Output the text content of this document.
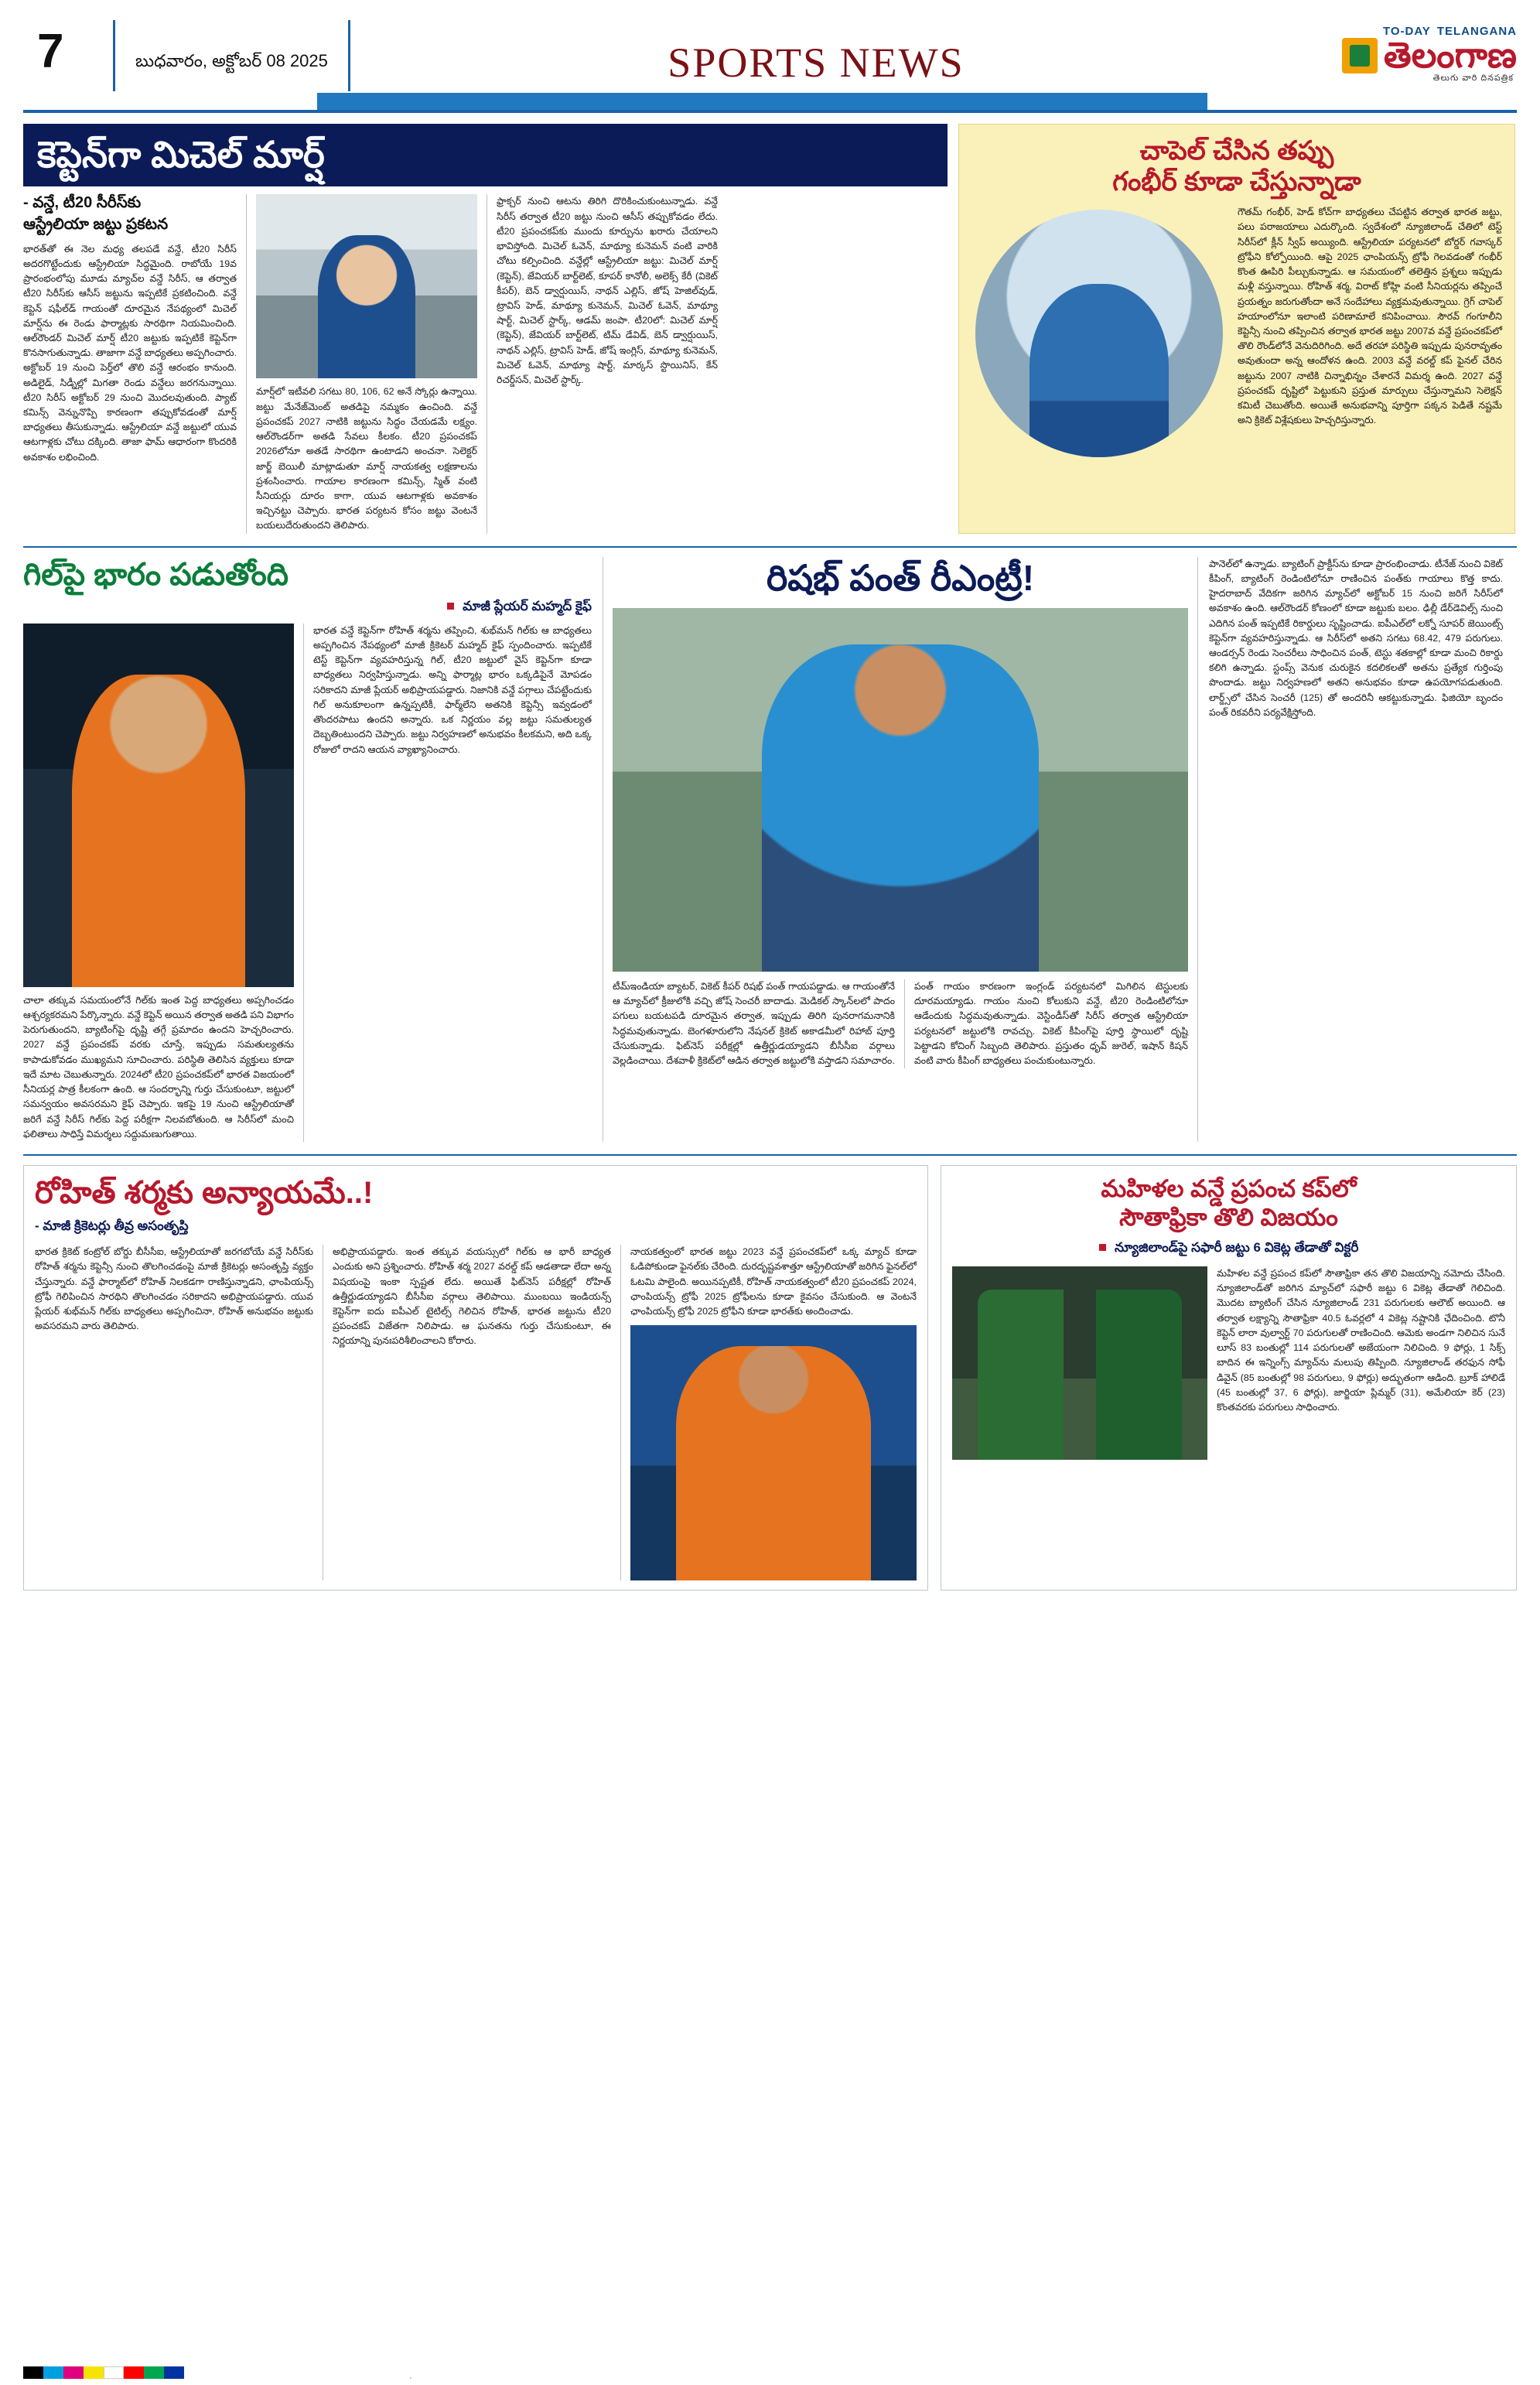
7	బుధవారం, అక్టోబర్ 08 2025	SPORTS NEWS
TO-DAY TELANGANA
తెలంగాణ
తెలుగు వారి దినపత్రిక
కెప్టెన్‌గా మిచెల్ మార్ష్
- వన్డే, టీ20 సీరీస్‌కు
ఆస్ట్రేలియా జట్టు ప్రకటన
భారత్‌తో ఈ నెల మధ్య తలపడే వన్డే, టీ20 సిరీస్‌ అదరగొట్టేందుకు ఆస్ట్రేలియా సిద్ధమైంది. రాబోయే 19వ ప్రారంభంలోపు మూడు మ్యాచ్‌ల వన్డే సిరీస్‌, ఆ తర్వాత టీ20 సిరీస్‌కు ఆసీస్‌ జట్టును ఇప్పటికే ప్రకటించింది. వన్డే కెప్టెన్‌ షఫీల్‌డ్‌ గాయంతో దూరమైన నేపథ్యంలో మిచెల్‌ మార్ష్‌ను ఈ రెండు ఫార్మాట్లకు సారథిగా నియమించింది. ఆల్‌రౌండర్‌ మిచెల్‌ మార్ష్‌ టీ20 జట్టుకు ఇప్పటికే కెప్టెన్‌గా కొనసాగుతున్నాడు. తాజాగా వన్డే బాధ్యతలు అప్పగించారు. అక్టోబర్‌ 19 నుంచి పెర్త్‌లో తొలి వన్డే ఆరంభం కానుంది. అడిలైడ్‌, సిడ్నీల్లో మిగతా రెండు వన్డేలు జరగనున్నాయి. టీ20 సిరీస్‌ అక్టోబర్‌ 29 నుంచి మొదలవుతుంది. ప్యాట్‌ కమిన్స్‌ వెన్నునొప్పి కారణంగా తప్పుకోవడంతో మార్ష్‌ బాధ్యతలు తీసుకున్నాడు. ఆస్ట్రేలియా వన్డే జట్టులో యువ ఆటగాళ్లకు చోటు దక్కింది. తాజా ఫామ్‌ ఆధారంగా కొందరికి అవకాశం లభించింది.
మార్ష్‌లో ఇటీవలి సగటు 80, 106, 62 అనే స్కోర్లు ఉన్నాయి. జట్టు మేనేజ్‌మెంట్‌ అతడిపై నమ్మకం ఉంచింది. వన్డే ప్రపంచకప్‌ 2027 నాటికి జట్టును సిద్ధం చేయడమే లక్ష్యం. ఆల్‌రౌండర్‌గా అతడి సేవలు కీలకం. టీ20 ప్రపంచకప్‌ 2026లోనూ అతడే సారథిగా ఉంటాడని అంచనా. సెలెక్టర్‌ జార్జ్‌ బెయిలీ మాట్లాడుతూ మార్ష్‌ నాయకత్వ లక్షణాలను ప్రశంసించారు. గాయాల కారణంగా కమిన్స్‌, స్మిత్‌ వంటి సీనియర్లు దూరం కాగా, యువ ఆటగాళ్లకు అవకాశం ఇచ్చినట్టు చెప్పారు. భారత పర్యటన కోసం జట్టు వెంటనే బయలుదేరుతుందని తెలిపారు.
ఫ్రాక్చర్‌ నుంచి ఆటను తిరిగి దొరికించుకుంటున్నాడు. వన్డే సిరీస్‌ తర్వాత టీ20 జట్టు నుంచి ఆసీస్‌ తప్పుకోవడం లేదు. టీ20 ప్రపంచకప్‌కు ముందు కూర్పును ఖరారు చేయాలని భావిస్తోంది. మిచెల్‌ ఓవెన్‌, మాథ్యూ కునెమన్‌ వంటి వారికి చోటు కల్పించింది. వన్డేల్లో ఆస్ట్రేలియా జట్టు: మిచెల్‌ మార్ష్‌ (కెప్టెన్‌), జేవియర్‌ బార్ట్‌లెట్‌, కూపర్‌ కానోలీ, అలెక్స్‌ కేరీ (వికెట్‌ కీపర్‌), బెన్‌ డ్వార్షుయిస్‌, నాథన్‌ ఎల్లిస్‌, జోష్‌ హెజిల్‌వుడ్‌, ట్రావిస్‌ హెడ్‌, మాథ్యూ కునెమన్‌, మిచెల్‌ ఓవెన్‌, మాథ్యూ షార్ట్‌, మిచెల్‌ స్టార్క్‌, ఆడమ్‌ జంపా. టీ20లో: మిచెల్‌ మార్ష్‌ (కెప్టెన్‌), జేవియర్‌ బార్ట్‌లెట్‌, టిమ్‌ డేవిడ్‌, బెన్‌ డ్వార్షుయిస్‌, నాథన్‌ ఎల్లిస్‌, ట్రావిస్‌ హెడ్‌, జోష్‌ ఇంగ్లిస్‌, మాథ్యూ కునెమన్‌, మిచెల్‌ ఓవెన్‌, మాథ్యూ షార్ట్‌, మార్కస్‌ స్టొయినిస్‌, కేన్‌ రిచర్డ్‌సన్‌, మిచెల్‌ స్టార్క్‌.
చాపెల్ చేసిన తప్పు
గంభీర్ కూడా చేస్తున్నాడా
గౌతమ్‌ గంభీర్‌, హెడ్‌ కోచ్‌గా బాధ్యతలు చేపట్టిన తర్వాత భారత జట్టు, పలు పరాజయాలు ఎదుర్కొంది. స్వదేశంలో న్యూజిలాండ్‌ చేతిలో టెస్ట్‌ సిరీస్‌లో క్లీన్‌ స్వీప్‌ అయ్యింది. ఆస్ట్రేలియా పర్యటనలో బోర్డర్‌ గవాస్కర్‌ ట్రోఫీని కోల్పోయింది. ఆపై 2025 ఛాంపియన్స్‌ ట్రోఫీ గెలవడంతో గంభీర్‌ కొంత ఊపిరి పీల్చుకున్నాడు. ఆ సమయంలో తలెత్తిన ప్రశ్నలు ఇప్పుడు మళ్లీ వస్తున్నాయి. రోహిత్‌ శర్మ, విరాట్‌ కోహ్లి వంటి సీనియర్లను తప్పించే ప్రయత్నం జరుగుతోందా అనే సందేహాలు వ్యక్తమవుతున్నాయి. గ్రెగ్‌ చాపెల్‌ హయాంలోనూ ఇలాంటి పరిణామాలే కనిపించాయి. సౌరవ్‌ గంగూలీని కెప్టెన్సీ నుంచి తప్పించిన తర్వాత భారత జట్టు 2007వ వన్డే ప్రపంచకప్‌లో తొలి రౌండ్‌లోనే వెనుదిరిగింది. అదే తరహా పరిస్థితి ఇప్పుడు పునరావృతం అవుతుందా అన్న ఆందోళన ఉంది. 2003 వన్డే వరల్డ్‌ కప్‌ ఫైనల్‌ చేరిన జట్టును 2007 నాటికి చిన్నాభిన్నం చేశారనే విమర్శ ఉంది. 2027 వన్డే ప్రపంచకప్‌ దృష్టిలో పెట్టుకుని ప్రస్తుత మార్పులు చేస్తున్నామని సెలెక్షన్‌ కమిటీ చెబుతోంది. అయితే అనుభవాన్ని పూర్తిగా పక్కన పెడితే నష్టమే అని క్రికెట్‌ విశ్లేషకులు హెచ్చరిస్తున్నారు.
గిల్‌పై భారం పడుతోంది
మాజీ ప్లేయర్ మహ్మద్ కైఫ్
చాలా తక్కువ సమయంలోనే గిల్‌కు ఇంత పెద్ద బాధ్యతలు అప్పగించడం ఆశ్చర్యకరమని పేర్కొన్నారు. వన్డే కెప్టెన్‌ అయిన తర్వాత అతడి పని విభాగం పెరుగుతుందని, బ్యాటింగ్‌పై దృష్టి తగ్గే ప్రమాదం ఉందని హెచ్చరించారు. 2027 వన్డే ప్రపంచకప్‌ వరకు చూస్తే, ఇప్పుడు సమతుల్యతను కాపాడుకోవడం ముఖ్యమని సూచించారు. పరిస్థితి తెలిసిన వ్యక్తులు కూడా ఇదే మాట చెబుతున్నారు. 2024లో టీ20 ప్రపంచకప్‌లో భారత విజయంలో సీనియర్ల పాత్ర కీలకంగా ఉంది. ఆ సందర్భాన్ని గుర్తు చేసుకుంటూ, జట్టులో సమన్వయం అవసరమని కైఫ్‌ చెప్పారు. ఇకపై 19 నుంచి ఆస్ట్రేలియాతో జరిగే వన్డే సిరీస్‌ గిల్‌కు పెద్ద పరీక్షగా నిలవబోతుంది. ఆ సిరీస్‌లో మంచి ఫలితాలు సాధిస్తే విమర్శలు సద్దుమణుగుతాయి.
భారత వన్డే కెప్టెన్‌గా రోహిత్‌ శర్మను తప్పించి, శుభ్‌మన్‌ గిల్‌కు ఆ బాధ్యతలు అప్పగించిన నేపథ్యంలో మాజీ క్రికెటర్‌ మహ్మద్‌ కైఫ్‌ స్పందించారు. ఇప్పటికే టెస్ట్‌ కెప్టెన్‌గా వ్యవహరిస్తున్న గిల్‌, టీ20 జట్టులో వైస్‌ కెప్టెన్‌గా కూడా బాధ్యతలు నిర్వహిస్తున్నాడు. అన్ని ఫార్మాట్ల భారం ఒక్కడిపైనే మోపడం సరికాదని మాజీ ప్లేయర్‌ అభిప్రాయపడ్డారు. నిజానికి వన్డే పగ్గాలు చేపట్టేందుకు గిల్‌ అనుకూలంగా ఉన్నప్పటికీ, ఫార్మ్‌లేని అతనికి కెప్టెన్సీ ఇవ్వడంలో తొందరపాటు ఉందని అన్నారు. ఒక నిర్ణయం వల్ల జట్టు సమతుల్యత దెబ్బతింటుందని చెప్పారు. జట్టు నిర్వహణలో అనుభవం కీలకమని, అది ఒక్క రోజులో రాదని ఆయన వ్యాఖ్యానించారు.
రిషభ్ పంత్ రీఎంట్రీ!
టీమ్‌ఇండియా బ్యాటర్‌, వికెట్‌ కీపర్‌ రిషభ్‌ పంత్‌ గాయపడ్డాడు. ఆ గాయంతోనే ఆ మ్యాచ్‌లో క్రీజులోకి వచ్చి జోష్‌ సెంచరీ బాదాడు. మెడికల్‌ స్కాన్‌లలో పాదం పగులు బయటపడి దూరమైన తర్వాత, ఇప్పుడు తిరిగి పునరాగమనానికి సిద్ధమవుతున్నాడు. బెంగళూరులోని నేషనల్‌ క్రికెట్‌ అకాడమీలో రిహాబ్‌ పూర్తి చేసుకున్నాడు. ఫిట్‌నెస్‌ పరీక్షల్లో ఉత్తీర్ణుడయ్యాడని బీసీసీఐ వర్గాలు వెల్లడించాయి. దేశవాళీ క్రికెట్‌లో ఆడిన తర్వాత జట్టులోకి వస్తాడని సమాచారం.
పంత్‌ గాయం కారణంగా ఇంగ్లండ్‌ పర్యటనలో మిగిలిన టెస్టులకు దూరమయ్యాడు. గాయం నుంచి కోలుకుని వన్డే, టీ20 రెండింటిలోనూ ఆడేందుకు సిద్ధమవుతున్నాడు. వెస్టిండీస్‌తో సిరీస్‌ తర్వాత ఆస్ట్రేలియా పర్యటనలో జట్టులోకి రావచ్చు. వికెట్‌ కీపింగ్‌పై పూర్తి స్థాయిలో దృష్టి పెట్టాడని కోచింగ్‌ సిబ్బంది తెలిపారు. ప్రస్తుతం ధృవ్‌ జురెల్‌, ఇషాన్‌ కిషన్‌ వంటి వారు కీపింగ్‌ బాధ్యతలు పంచుకుంటున్నారు.
పానెల్‌లో ఉన్నాడు. బ్యాటింగ్‌ ప్రాక్టీస్‌ను కూడా ప్రారంభించాడు. టీనేజ్‌ నుంచి వికెట్‌ కీపింగ్‌, బ్యాటింగ్‌ రెండింటిలోనూ రాణించిన పంత్‌కు గాయాలు కొత్త కాదు. హైదరాబాద్‌ వేదికగా జరిగిన మ్యాచ్‌లో అక్టోబర్‌ 15 నుంచి జరిగే సిరీస్‌లో అవకాశం ఉంది. ఆల్‌రౌండర్‌ కోణంలో కూడా జట్టుకు బలం. ఢిల్లీ డేర్‌డెవిల్స్‌ నుంచి ఎదిగిన పంత్‌ ఇప్పటికే రికార్డులు సృష్టించాడు. ఐపీఎల్‌లో లక్నో సూపర్‌ జెయింట్స్‌ కెప్టెన్‌గా వ్యవహరిస్తున్నాడు. ఆ సిరీస్‌లో అతని సగటు 68.42, 479 పరుగులు. ఆండర్సన్‌ రెండు సెంచరీలు సాధించిన పంత్‌, టెస్టు శతకాల్లో కూడా మంచి రికార్డు కలిగి ఉన్నాడు. స్టంప్స్‌ వెనుక చురుకైన కదలికలతో అతను ప్రత్యేక గుర్తింపు పొందాడు. జట్టు నిర్వహణలో అతని అనుభవం కూడా ఉపయోగపడుతుంది. లార్డ్స్‌లో చేసిన సెంచరీ (125) తో అందరినీ ఆకట్టుకున్నాడు. ఫిజియో బృందం పంత్‌ రికవరీని పర్యవేక్షిస్తోంది.
రోహిత్ శర్మకు అన్యాయమే..!
- మాజీ క్రికెటర్లు తీవ్ర అసంతృప్తి
భారత క్రికెట్‌ కంట్రోల్‌ బోర్డు బీసీసీఐ, ఆస్ట్రేలియాతో జరగబోయే వన్డే సిరీస్‌కు రోహిత్‌ శర్మను కెప్టెన్సీ నుంచి తొలగించడంపై మాజీ క్రికెటర్లు అసంతృప్తి వ్యక్తం చేస్తున్నారు. వన్డే ఫార్మాట్‌లో రోహిత్‌ నిలకడగా రాణిస్తున్నాడని, ఛాంపియన్స్‌ ట్రోఫీ గెలిపించిన సారథిని తొలగించడం సరికాదని అభిప్రాయపడ్డారు. యువ ప్లేయర్‌ శుభ్‌మన్‌ గిల్‌కు బాధ్యతలు అప్పగించినా, రోహిత్‌ అనుభవం జట్టుకు అవసరమని వారు తెలిపారు.
అభిప్రాయపడ్డారు. ఇంత తక్కువ వయస్సులో గిల్‌కు ఆ భారీ బాధ్యత ఎందుకు అని ప్రశ్నించారు. రోహిత్‌ శర్మ 2027 వరల్డ్‌ కప్‌ ఆడతాడా లేదా అన్న విషయంపై ఇంకా స్పష్టత లేదు. అయితే ఫిట్‌నెస్‌ పరీక్షల్లో రోహిత్‌ ఉత్తీర్ణుడయ్యాడని బీసీసీఐ వర్గాలు తెలిపాయి. ముంబయి ఇండియన్స్‌ కెప్టెన్‌గా ఐదు ఐపీఎల్‌ టైటిల్స్‌ గెలిచిన రోహిత్‌, భారత జట్టును టీ20 ప్రపంచకప్‌ విజేతగా నిలిపాడు. ఆ ఘనతను గుర్తు చేసుకుంటూ, ఈ నిర్ణయాన్ని పునఃపరిశీలించాలని కోరారు.
నాయకత్వంలో భారత జట్టు 2023 వన్డే ప్రపంచకప్‌లో ఒక్క మ్యాచ్‌ కూడా ఓడిపోకుండా ఫైనల్‌కు చేరింది. దురదృష్టవశాత్తూ ఆస్ట్రేలియాతో జరిగిన ఫైనల్‌లో ఓటమి పాలైంది. అయినప్పటికీ, రోహిత్‌ నాయకత్వంలో టీ20 ప్రపంచకప్‌ 2024, ఛాంపియన్స్‌ ట్రోఫీ 2025 ట్రోఫీలను కూడా కైవసం చేసుకుంది. ఆ వెంటనే ఛాంపియన్స్‌ ట్రోఫీ 2025 ట్రోఫీని కూడా భారత్‌కు అందించాడు.
మహిళల వన్డే ప్రపంచ కప్‌లో
సౌతాఫ్రికా తొలి విజయం
న్యూజిలాండ్‌పై సఫారీ జట్టు 6 వికెట్ల తేడాతో విక్టరీ
మహిళల వన్డే ప్రపంచ కప్‌లో సౌతాఫ్రికా తన తొలి విజయాన్ని నమోదు చేసింది. న్యూజిలాండ్‌తో జరిగిన మ్యాచ్‌లో సఫారీ జట్టు 6 వికెట్ల తేడాతో గెలిచింది. మొదట బ్యాటింగ్‌ చేసిన న్యూజిలాండ్‌ 231 పరుగులకు ఆలౌట్‌ అయింది. ఆ తర్వాత లక్ష్యాన్ని సౌతాఫ్రికా 40.5 ఓవర్లలో 4 వికెట్ల నష్టానికి ఛేదించింది. టొనీ కెప్టెన్‌ లారా వుల్వార్ట్‌ 70 పరుగులతో రాణించింది. ఆమెకు అండగా నిలిచిన సునే లూస్‌ 83 బంతుల్లో 114 పరుగులతో అజేయంగా నిలిచింది. 9 ఫోర్లు, 1 సిక్స్‌ బాదిన ఈ ఇన్నింగ్స్‌ మ్యాచ్‌ను మలుపు తిప్పింది. న్యూజిలాండ్‌ తరఫున సోఫీ డివైన్‌ (85 బంతుల్లో 98 పరుగులు, 9 ఫోర్లు) అద్భుతంగా ఆడింది. బ్రూక్‌ హాలిడే (45 బంతుల్లో 37, 6 ఫోర్లు), జార్జియా ప్లిమ్మర్‌ (31), అమేలియా కెర్‌ (23) కొంతవరకు పరుగులు సాధించారు.
